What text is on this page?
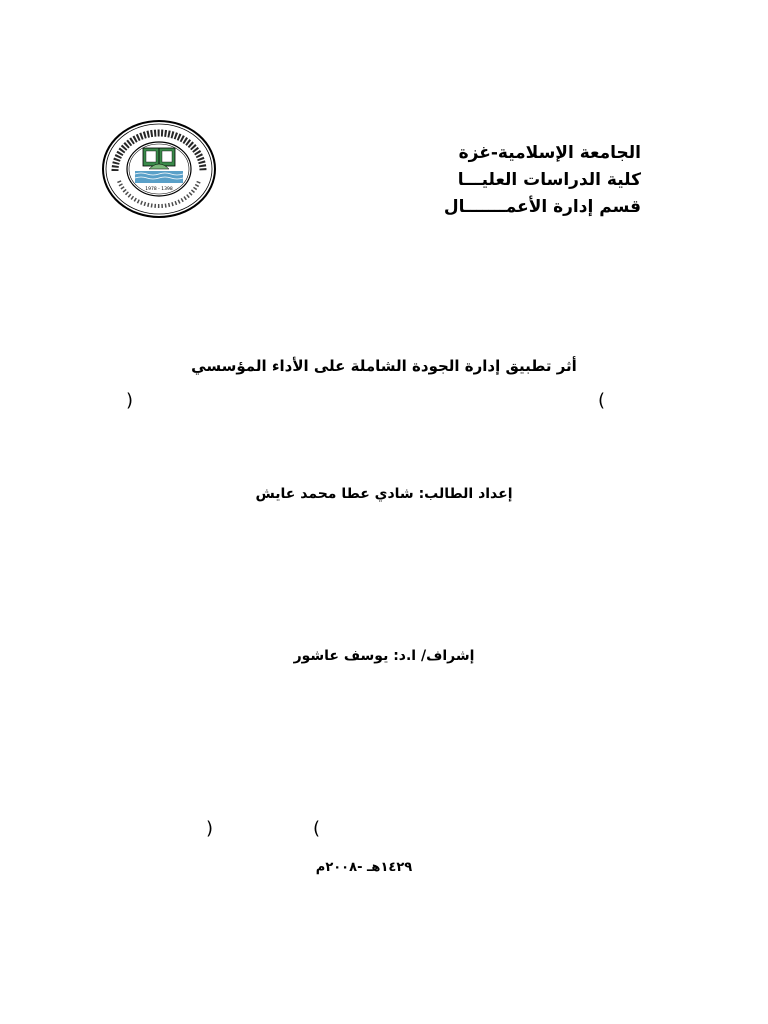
الجامعة الإسلامية-غزة
كلية الدراسات العليـــا
قسم إدارة الأعمـــــــال
1978 - 1398
أثر تطبيق إدارة الجودة الشاملة على الأداء المؤسسي
)	(
إعداد الطالب: شادي عطا محمد عايش
إشراف/ ا.د: يوسف عاشور
)	(
١٤٢٩هـ -٢٠٠٨م
